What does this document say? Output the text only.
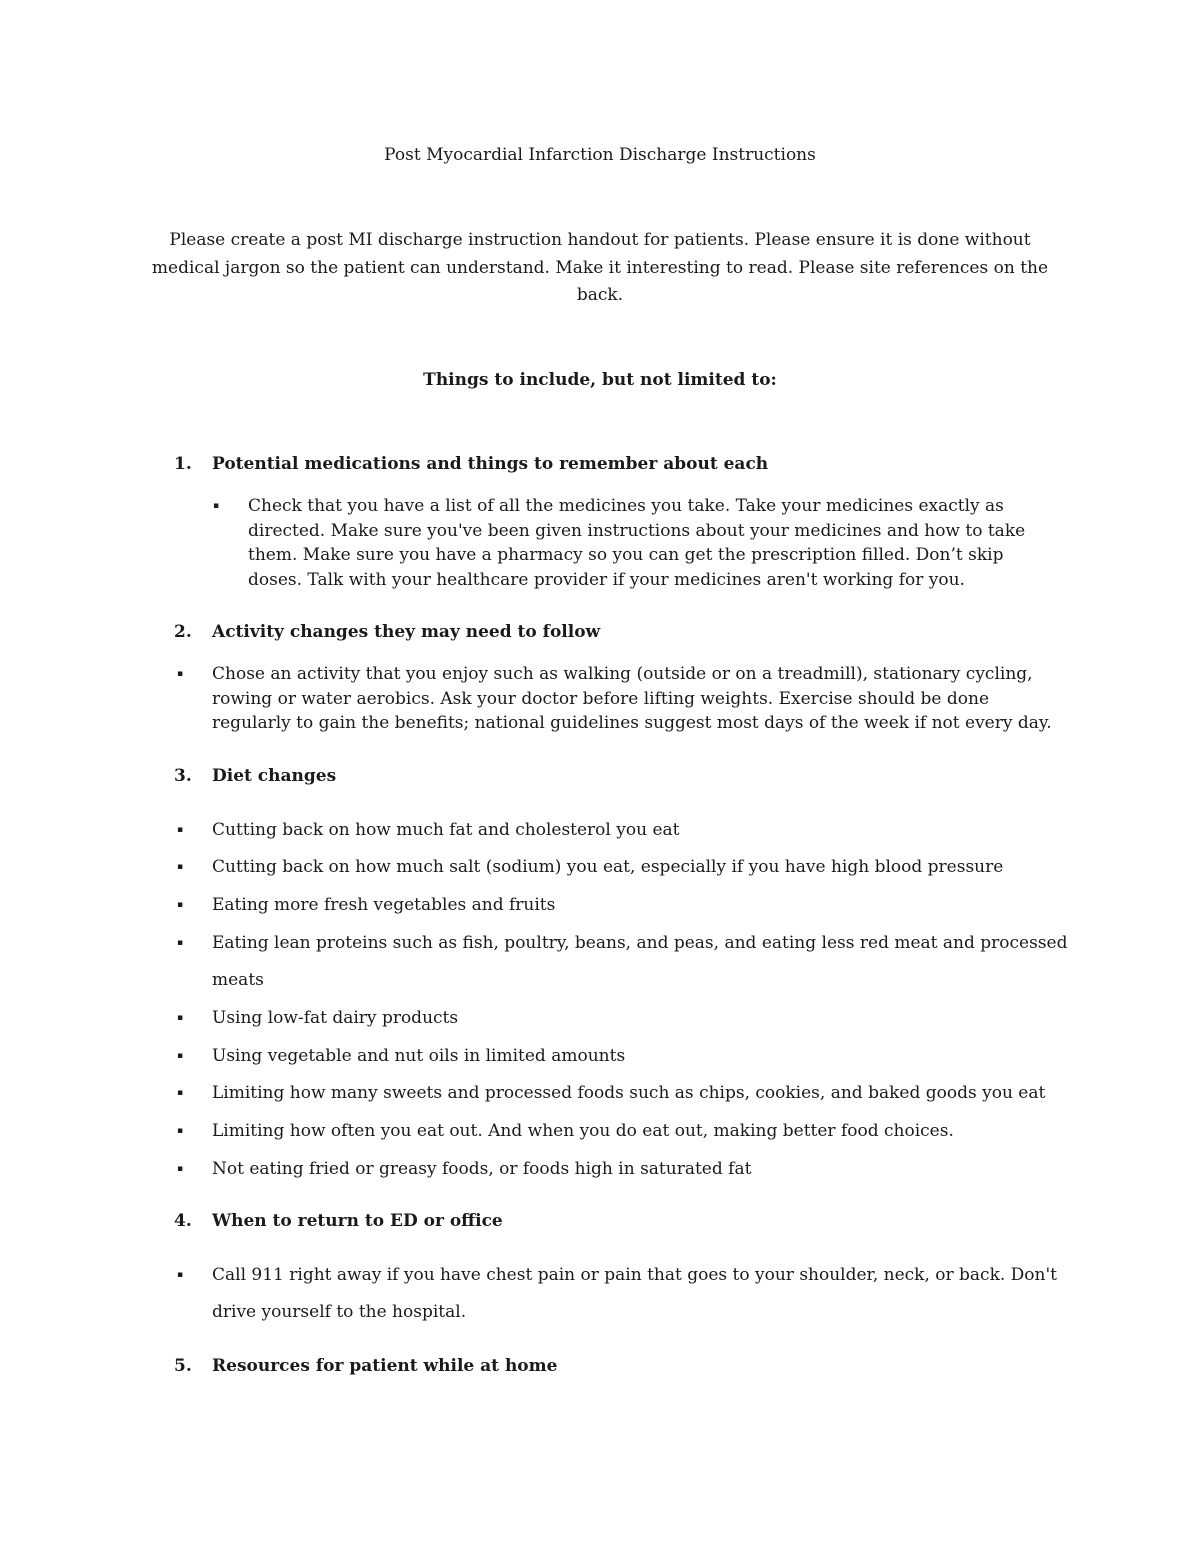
Post Myocardial Infarction Discharge Instructions
Please create a post MI discharge instruction handout for patients. Please ensure it is done without medical jargon so the patient can understand. Make it interesting to read. Please site references on the back.
Things to include, but not limited to:
1. Potential medications and things to remember about each
▪ Check that you have a list of all the medicines you take. Take your medicines exactly as directed. Make sure you've been given instructions about your medicines and how to take them. Make sure you have a pharmacy so you can get the prescription filled. Don’t skip doses. Talk with your healthcare provider if your medicines aren't working for you.
2. Activity changes they may need to follow
▪ Chose an activity that you enjoy such as walking (outside or on a treadmill), stationary cycling, rowing or water aerobics. Ask your doctor before lifting weights. Exercise should be done regularly to gain the benefits; national guidelines suggest most days of the week if not every day.
3. Diet changes
▪ Cutting back on how much fat and cholesterol you eat
▪ Cutting back on how much salt (sodium) you eat, especially if you have high blood pressure
▪ Eating more fresh vegetables and fruits
▪ Eating lean proteins such as fish, poultry, beans, and peas, and eating less red meat and processed meats
▪ Using low-fat dairy products
▪ Using vegetable and nut oils in limited amounts
▪ Limiting how many sweets and processed foods such as chips, cookies, and baked goods you eat
▪ Limiting how often you eat out. And when you do eat out, making better food choices.
▪ Not eating fried or greasy foods, or foods high in saturated fat
4. When to return to ED or office
▪ Call 911 right away if you have chest pain or pain that goes to your shoulder, neck, or back. Don't drive yourself to the hospital.
5. Resources for patient while at home
